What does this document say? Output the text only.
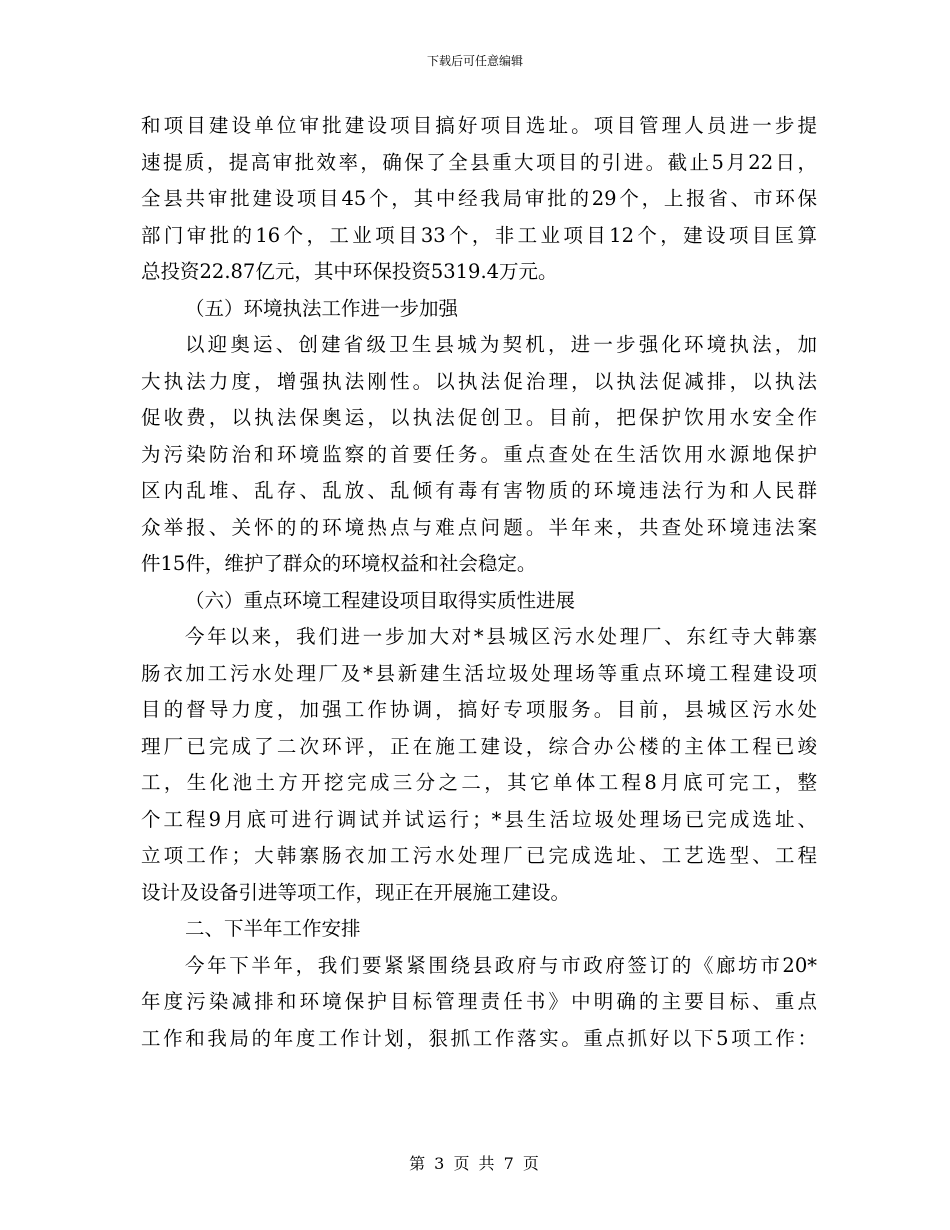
下载后可任意编辑
和项目建设单位审批建设项目搞好项目选址。项目管理人员进一步提
速提质，提高审批效率，确保了全县重大项目的引进。截止5月22日，
全县共审批建设项目45个，其中经我局审批的29个，上报省、市环保
部门审批的16个，工业项目33个，非工业项目12个，建设项目匡算
总投资22.87亿元，其中环保投资5319.4万元。
（五）环境执法工作进一步加强
以迎奥运、创建省级卫生县城为契机，进一步强化环境执法，加
大执法力度，增强执法刚性。以执法促治理，以执法促减排，以执法
促收费，以执法保奥运，以执法促创卫。目前，把保护饮用水安全作
为污染防治和环境监察的首要任务。重点查处在生活饮用水源地保护
区内乱堆、乱存、乱放、乱倾有毒有害物质的环境违法行为和人民群
众举报、关怀的的环境热点与难点问题。半年来，共查处环境违法案
件15件，维护了群众的环境权益和社会稳定。
（六）重点环境工程建设项目取得实质性进展
今年以来，我们进一步加大对*县城区污水处理厂、东红寺大韩寨
肠衣加工污水处理厂及*县新建生活垃圾处理场等重点环境工程建设项
目的督导力度，加强工作协调，搞好专项服务。目前，县城区污水处
理厂已完成了二次环评，正在施工建设，综合办公楼的主体工程已竣
工，生化池土方开挖完成三分之二，其它单体工程8月底可完工，整
个工程9月底可进行调试并试运行；*县生活垃圾处理场已完成选址、
立项工作；大韩寨肠衣加工污水处理厂已完成选址、工艺选型、工程
设计及设备引进等项工作，现正在开展施工建设。
二、下半年工作安排
今年下半年，我们要紧紧围绕县政府与市政府签订的《廊坊市20*
年度污染减排和环境保护目标管理责任书》中明确的主要目标、重点
工作和我局的年度工作计划，狠抓工作落实。重点抓好以下5项工作：
第 3 页 共 7 页
